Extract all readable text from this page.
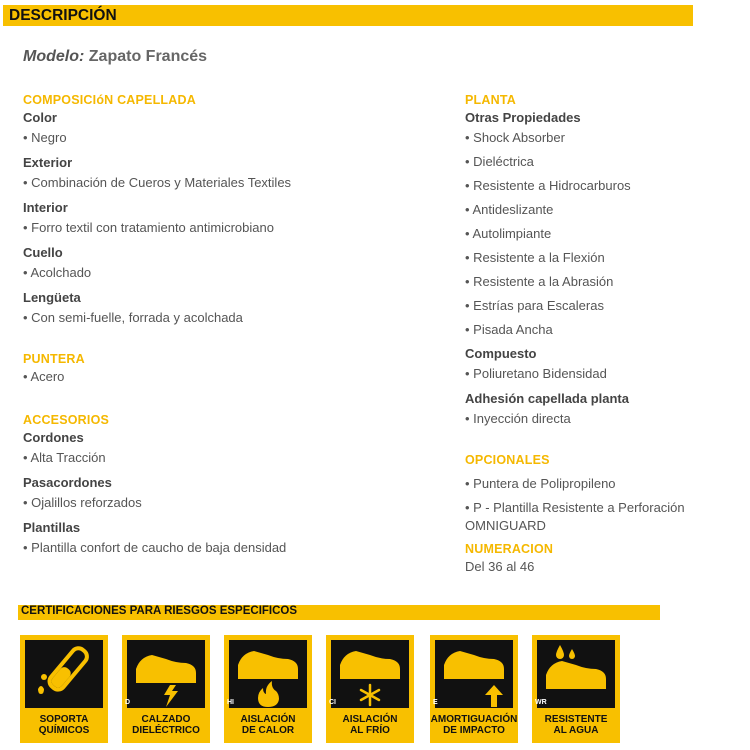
DESCRIPCIÓN
Modelo: Zapato Francés
COMPOSICIóN CAPELLADA
Color
• Negro
Exterior
• Combinación de Cueros y Materiales Textiles
Interior
• Forro textil con tratamiento antimicrobiano
Cuello
• Acolchado
Lengüeta
• Con semi-fuelle, forrada y acolchada
PUNTERA
• Acero
ACCESORIOS
Cordones
• Alta Tracción
Pasacordones
• Ojalillos reforzados
Plantillas
• Plantilla confort de caucho de baja densidad
PLANTA
Otras Propiedades
• Shock Absorber
• Dieléctrica
• Resistente a Hidrocarburos
• Antideslizante
• Autolimpiante
• Resistente a la Flexión
• Resistente a la Abrasión
• Estrías para Escaleras
• Pisada Ancha
Compuesto
• Poliuretano Bidensidad
Adhesión capellada planta
• Inyección directa
OPCIONALES
• Puntera de Polipropileno
• P - Plantilla Resistente a Perforación OMNIGUARD
NUMERACION
Del 36 al 46
CERTIFICACIONES PARA RIESGOS ESPECIFICOS
SOPORTA
QUÍMICOS
D
CALZADO
DIELÉCTRICO
HI
AISLACIÓN
DE CALOR
CI
AISLACIÓN
AL FRÍO
E
AMORTIGUACIÓN
DE IMPACTO
WR
RESISTENTE
AL AGUA
